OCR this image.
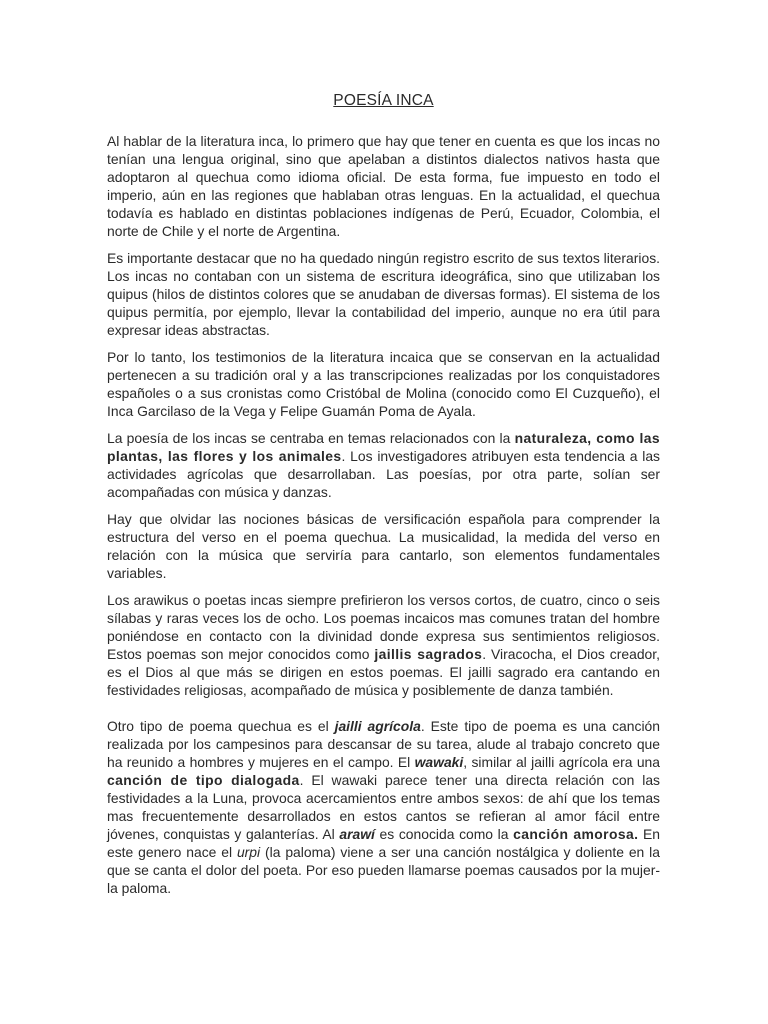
POESÍA INCA

Al hablar de la literatura inca, lo primero que hay que tener en cuenta es que los incas no tenían una lengua original, sino que apelaban a distintos dialectos nativos hasta que adoptaron al quechua como idioma oficial. De esta forma, fue impuesto en todo el imperio, aún en las regiones que hablaban otras lenguas. En la actualidad, el quechua todavía es hablado en distintas poblaciones indígenas de Perú, Ecuador, Colombia, el norte de Chile y el norte de Argentina.

Es importante destacar que no ha quedado ningún registro escrito de sus textos literarios. Los incas no contaban con un sistema de escritura ideográfica, sino que utilizaban los quipus (hilos de distintos colores que se anudaban de diversas formas). El sistema de los quipus permitía, por ejemplo, llevar la contabilidad del imperio, aunque no era útil para expresar ideas abstractas.

Por lo tanto, los testimonios de la literatura incaica que se conservan en la actualidad pertenecen a su tradición oral y a las transcripciones realizadas por los conquistadores españoles o a sus cronistas como Cristóbal de Molina (conocido como El Cuzqueño), el Inca Garcilaso de la Vega y Felipe Guamán Poma de Ayala.

La poesía de los incas se centraba en temas relacionados con la naturaleza, como las plantas, las flores y los animales. Los investigadores atribuyen esta tendencia a las actividades agrícolas que desarrollaban. Las poesías, por otra parte, solían ser acompañadas con música y danzas.

Hay que olvidar las nociones básicas de versificación española para comprender la estructura del verso en el poema quechua. La musicalidad, la medida del verso en relación con la música que serviría para cantarlo, son elementos fundamentales variables.

Los arawikus o poetas incas siempre prefirieron los versos cortos, de cuatro, cinco o seis sílabas y raras veces los de ocho. Los poemas incaicos mas comunes tratan del hombre poniéndose en contacto con la divinidad donde expresa sus sentimientos religiosos. Estos poemas son mejor conocidos como jaillis sagrados. Viracocha, el Dios creador, es el Dios al que más se dirigen en estos poemas. El jailli sagrado era cantando en festividades religiosas, acompañado de música y posiblemente de danza también.

Otro tipo de poema quechua es el jailli agrícola. Este tipo de poema es una canción realizada por los campesinos para descansar de su tarea, alude al trabajo concreto que ha reunido a hombres y mujeres en el campo. El wawaki, similar al jailli agrícola era una canción de tipo dialogada. El wawaki parece tener una directa relación con las festividades a la Luna, provoca acercamientos entre ambos sexos: de ahí que los temas mas frecuentemente desarrollados en estos cantos se refieran al amor fácil entre jóvenes, conquistas y galanterías. Al arawí es conocida como la canción amorosa. En este genero nace el urpi (la paloma) viene a ser una canción nostálgica y doliente en la que se canta el dolor del poeta. Por eso pueden llamarse poemas causados por la mujer-la paloma.
